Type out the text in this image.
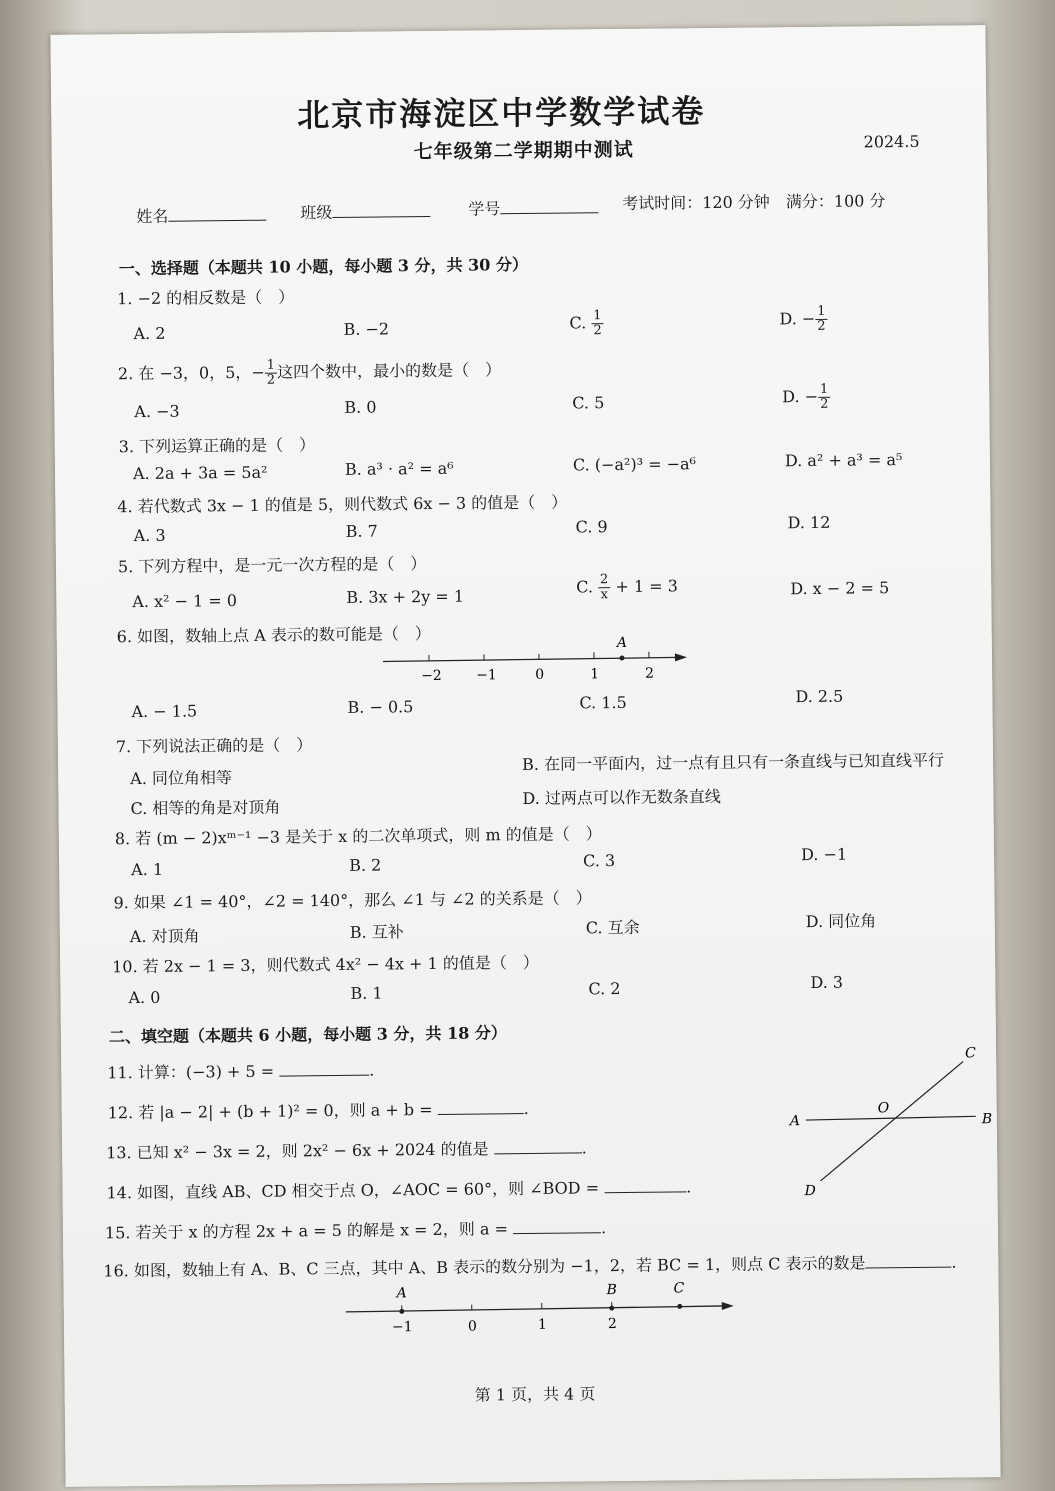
北京市海淀区中学数学试卷
七年级第二学期期中测试	2024.5
姓名	班级	学号	考试时间：120 分钟　满分：100 分
一、选择题（本题共 10 小题，每小题 3 分，共 30 分）
1. −2 的相反数是（　）
A. 2	B. −2	C. $\frac{1}{2}$	D. − $\frac{1}{2}$
2. 在 −3，0，5，− $\frac{1}{2}$ 这四个数中，最小的数是（　）
A. −3	B. 0	C. 5	D. − $\frac{1}{2}$
3. 下列运算正确的是（　）
A. 2a + 3a = 5a²	B. a³ · a² = a⁶	C. (−a²)³ = −a⁶	D. a² + a³ = a⁵
4. 若代数式 3x − 1 的值是 5，则代数式 6x − 3 的值是（　）
A. 3	B. 7	C. 9	D. 12
5. 下列方程中，是一元一次方程的是（　）
A. x² − 1 = 0	B. 3x + 2y = 1	C. $\frac{2}{x} + 1 = 3$	D. x − 2 = 5
6. 如图，数轴上点 A 表示的数可能是（　）
−2 −1	0	1	2
A
A. − 1.5	B. − 0.5	C. 1.5	D. 2.5
7. 下列说法正确的是（　）
A. 同位角相等
B. 在同一平面内，过一点有且只有一条直线与已知直线平行
C. 相等的角是对顶角	D. 过两点可以作无数条直线
8. 若 (m − 2)xᵐ⁻¹ −3 是关于 x 的二次单项式，则 m 的值是（　）
A. 1	B. 2	C. 3	D. −1
9. 如果 ∠1 = 40°，∠2 = 140°，那么 ∠1 与 ∠2 的关系是（　）
A. 对顶角	B. 互补	C. 互余	D. 同位角
10. 若 2x − 1 = 3，则代数式 4x² − 4x + 1 的值是（　）
A. 0	B. 1	C. 2	D. 3
二、填空题（本题共 6 小题，每小题 3 分，共 18 分）
11. 计算：(−3) + 5 =	.
12. 若 |a − 2| + (b + 1)² = 0，则 a + b =	.
13. 已知 x² − 3x = 2，则 2x² − 6x + 2024 的值是	.
14. 如图，直线 AB、CD 相交于点 O，∠AOC = 60°，则 ∠BOD =	.
15. 若关于 x 的方程 2x + a = 5 的解是 x = 2，则 a =	.
16. 如图，数轴上有 A、B、C 三点，其中 A、B 表示的数分别为 −1，2，若 BC = 1，则点 C 表示的数是	.
A	B
C
D
O
A	B	C
−1	0	1	2
第 1 页，共 4 页
